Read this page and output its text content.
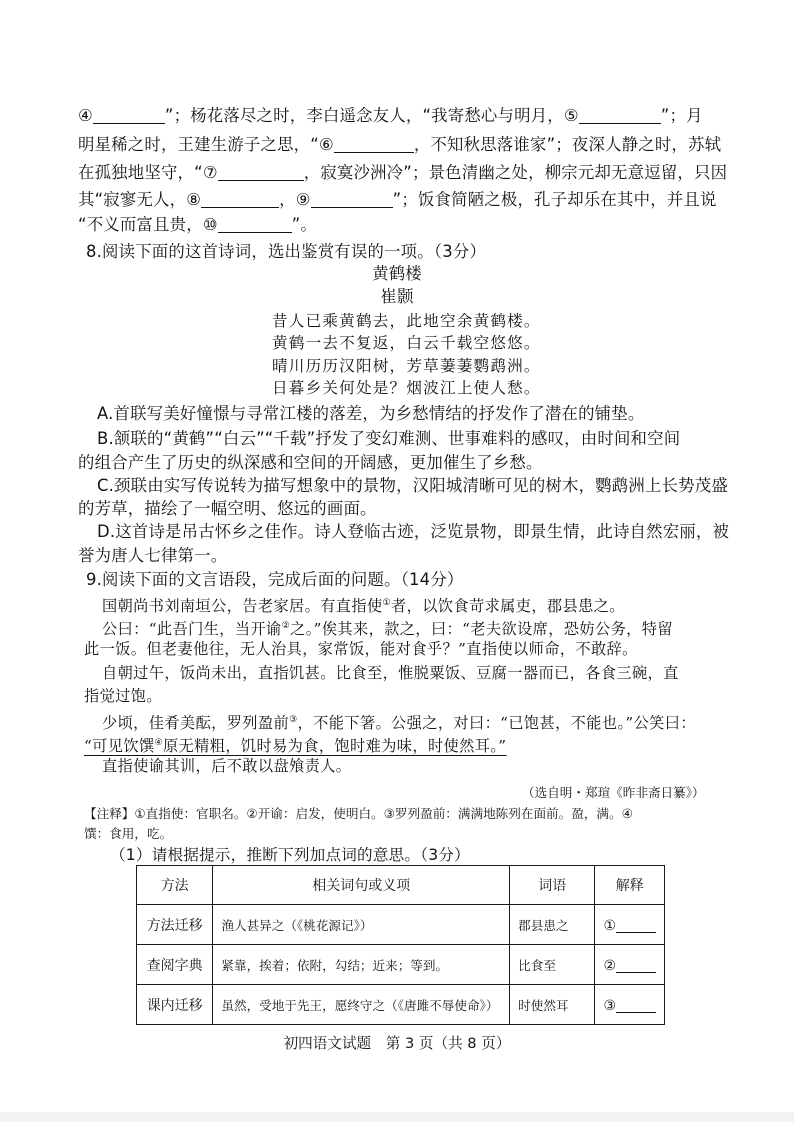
④	”；杨花落尽之时，李白遥念友人，“我寄愁心与明月，⑤	”；月
明星稀之时，王建生游子之思，“⑥	，不知秋思落谁家”；夜深人静之时，苏轼
在孤独地坚守，“⑦	，寂寞沙洲冷”；景色清幽之处，柳宗元却无意逗留，只因
其“寂寥无人，⑧	，⑨	”；饭食简陋之极，孔子却乐在其中，并且说
“不义而富且贵，⑩	”。
8.阅读下面的这首诗词，选出鉴赏有误的一项。（3分）
黄鹤楼
崔颢
昔人已乘黄鹤去，此地空余黄鹤楼。
黄鹤一去不复返，白云千载空悠悠。
晴川历历汉阳树，芳草萋萋鹦鹉洲。
日暮乡关何处是？烟波江上使人愁。
A.首联写美好憧憬与寻常江楼的落差，为乡愁情结的抒发作了潜在的铺垫。
B.颔联的“黄鹤”“白云”“千载”抒发了变幻难测、世事难料的感叹，由时间和空间
的组合产生了历史的纵深感和空间的开阔感，更加催生了乡愁。
C.颈联由实写传说转为描写想象中的景物，汉阳城清晰可见的树木，鹦鹉洲上长势茂盛
的芳草，描绘了一幅空明、悠远的画面。
D.这首诗是吊古怀乡之佳作。诗人登临古迹，泛览景物，即景生情，此诗自然宏丽，被
誉为唐人七律第一。
9.阅读下面的文言语段，完成后面的问题。（14分）
国朝尚书刘南垣公，告老家居。有直指使①者，以饮食苛求属吏，郡县患之。
公曰：“此吾门生，当开谕②之。”俟其来，款之，曰：“老夫欲设席，恐妨公务，特留
此一饭。但老妻他往，无人治具，家常饭，能对食乎？”直指使以师命，不敢辞。
自朝过午，饭尚未出，直指饥甚。比食至，惟脱粟饭、豆腐一器而已，各食三碗，直
指觉过饱。
少顷，佳肴美酝，罗列盈前③，不能下箸。公强之，对曰：“已饱甚，不能也。”公笑曰：
“可见饮馔④原无精粗，饥时易为食，饱时难为味，时使然耳。”
直指使谕其训，后不敢以盘飧责人。
（选自明・郑瑄《昨非斋日纂》）
【注释】①直指使：官职名。②开谕：启发，使明白。③罗列盈前：满满地陈列在面前。盈，满。④
馔：食用，吃。
（1）请根据提示，推断下列加点词的意思。（3分）
方法	相关词句或义项	词语	解释
方法迁移	渔人甚异之（《桃花源记》）	郡县患之	①
查阅字典	紧靠，挨着；依附，勾结；近来；等到。	比食至	②
课内迁移	虽然，受地于先王，愿终守之（《唐雎不辱使命》）	时使然耳	③
初四语文试题　第 3 页（共 8 页）
